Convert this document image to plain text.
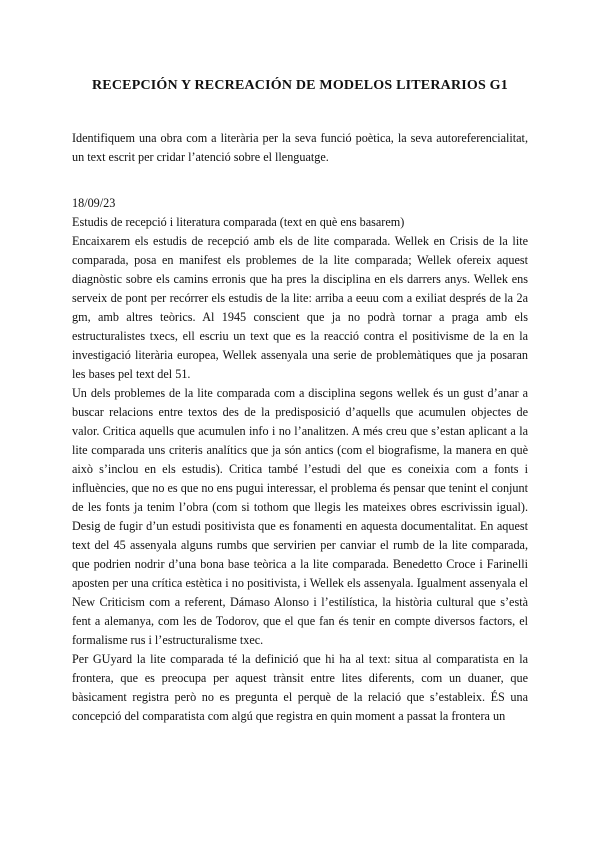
RECEPCIÓN Y RECREACIÓN DE MODELOS LITERARIOS G1

Identifiquem una obra com a literària per la seva funció poètica, la seva autoreferencialitat, un text escrit per cridar l’atenció sobre el llenguatge.

18/09/23

Estudis de recepció i literatura comparada (text en què ens basarem)

Encaixarem els estudis de recepció amb els de lite comparada. Wellek en Crisis de la lite comparada, posa en manifest els problemes de la lite comparada; Wellek ofereix aquest diagnòstic sobre els camins erronis que ha pres la disciplina en els darrers anys. Wellek ens serveix de pont per recórrer els estudis de la lite: arriba a eeuu com a exiliat després de la 2a gm, amb altres teòrics. Al 1945 conscient que ja no podrà tornar a praga amb els estructuralistes txecs, ell escriu un text que es la reacció contra el positivisme de la en la investigació literària europea, Wellek assenyala una serie de problemàtiques que ja posaran les bases pel text del 51.

Un dels problemes de la lite comparada com a disciplina segons wellek és un gust d’anar a buscar relacions entre textos des de la predisposició d’aquells que acumulen objectes de valor. Critica aquells que acumulen info i no l’analitzen. A més creu que s’estan aplicant a la lite comparada uns criteris analítics que ja són antics (com el biografisme, la manera en què això s’inclou en els estudis). Critica també l’estudi del que es coneixia com a fonts i influències, que no es que no ens pugui interessar, el problema és pensar que tenint el conjunt de les fonts ja tenim l’obra (com si tothom que llegis les mateixes obres escrivissin igual). Desig de fugir d’un estudi positivista que es fonamenti en aquesta documentalitat. En aquest text del 45 assenyala alguns rumbs que servirien per canviar el rumb de la lite comparada, que podrien nodrir d’una bona base teòrica a la lite comparada. Benedetto Croce i Farinelli aposten per una crítica estètica i no positivista, i Wellek els assenyala. Igualment assenyala el New Criticism com a referent, Dámaso Alonso i l’estilística, la història cultural que s’està fent a alemanya, com les de Todorov, que el que fan és tenir en compte diversos factors, el formalisme rus i l’estructuralisme txec.

Per GUyard la lite comparada té la definició que hi ha al text: situa al comparatista en la frontera, que es preocupa per aquest trànsit entre lites diferents, com un duaner, que bàsicament registra però no es pregunta el perquè de la relació que s’estableix. ÉS una concepció del comparatista com algú que registra en quin moment a passat la frontera un
